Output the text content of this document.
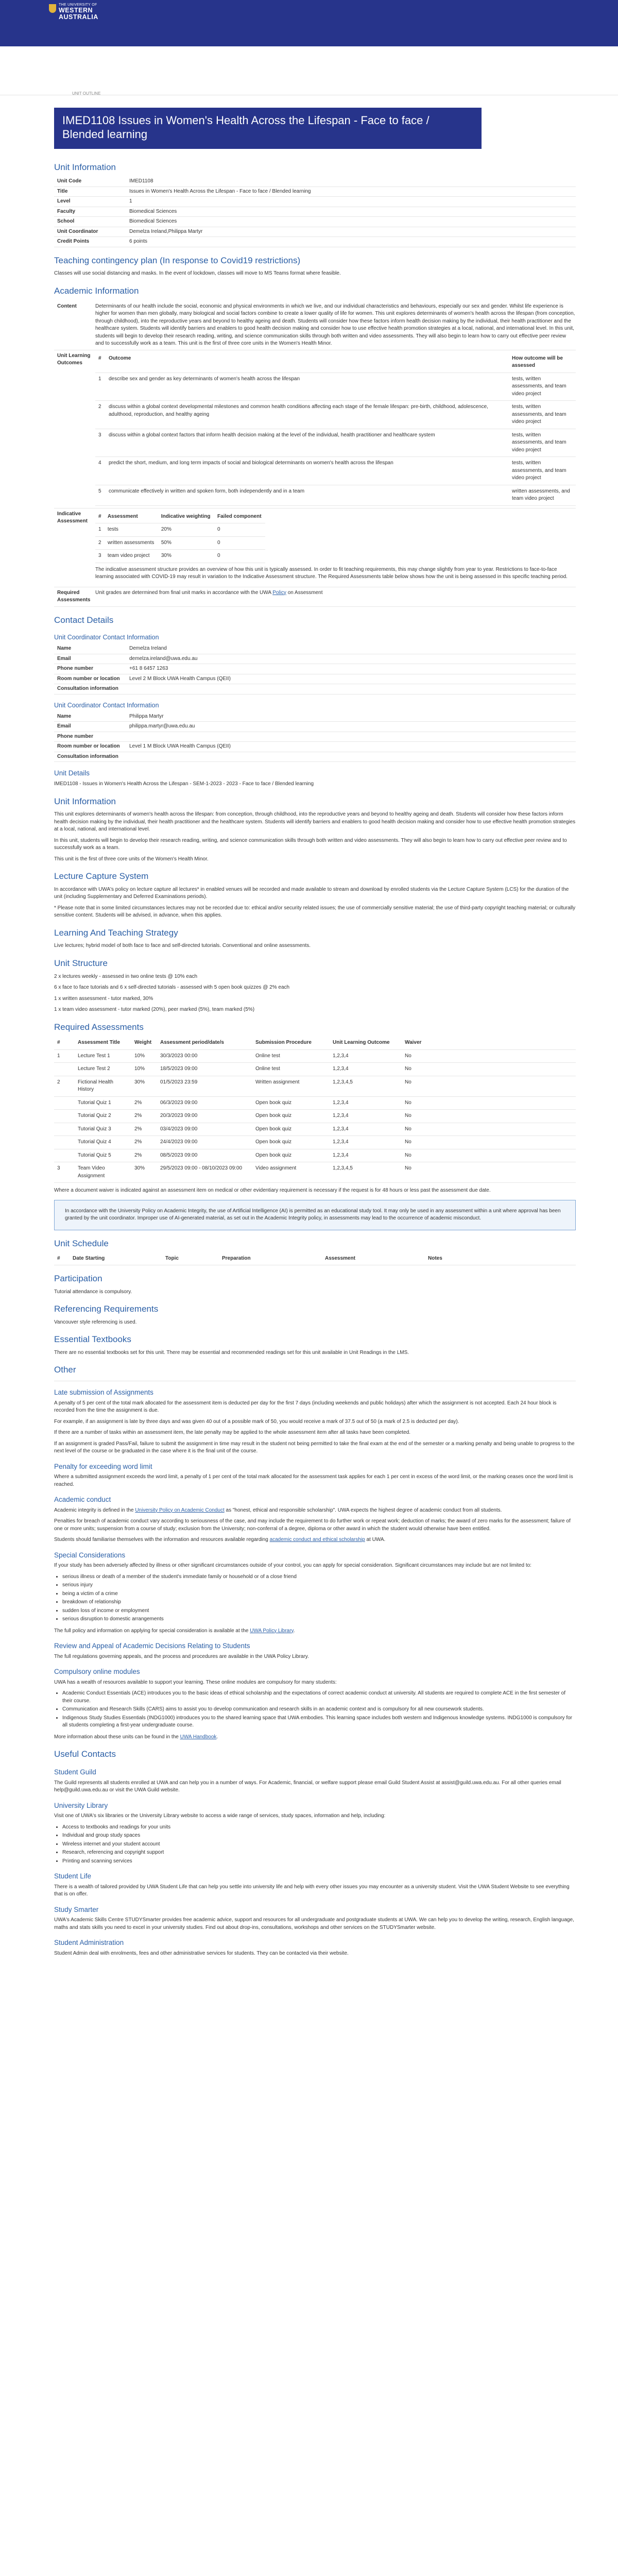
THE UNIVERSITY OF
WESTERN AUSTRALIA
UNIT OUTLINE
IMED1108 Issues in Women's Health Across the Lifespan - Face to face / Blended learning
Unit Information
Unit Code	IMED1108
Title	Issues in Women's Health Across the Lifespan - Face to face / Blended learning
Level	1
Faculty	Biomedical Sciences
School	Biomedical Sciences
Unit Coordinator	Demelza Ireland,Philippa Martyr
Credit Points	6 points
Teaching contingency plan (In response to Covid19 restrictions)

Classes will use social distancing and masks. In the event of lockdown, classes will move to MS Teams format where feasible.

Academic Information
Content	Determinants of our health include the social, economic and physical environments in which we live, and our individual characteristics and behaviours, especially our sex and gender. Whilst life experience is higher for women than men globally, many biological and social factors combine to create a lower quality of life for women. This unit explores determinants of women's health across the lifespan (from conception, through childhood), into the reproductive years and beyond to healthy ageing and death. Students will consider how these factors inform health decision making by the individual, their health practitioner and the healthcare system. Students will identify barriers and enablers to good health decision making and consider how to use effective health promotion strategies at a local, national, and international level. In this unit, students will begin to develop their research reading, writing, and science communication skills through both written and video assessments. They will also begin to learn how to carry out effective peer review and to successfully work as a team. This unit is the first of three core units in the Women's Health Minor.
Unit Learning Outcomes
#	Outcome	How outcome will be assessed
1	describe sex and gender as key determinants of women's health across the lifespan	tests, written assessments, and team video project
2	discuss within a global context developmental milestones and common health conditions affecting each stage of the female lifespan: pre-birth, childhood, adolescence, adulthood, reproduction, and healthy ageing	tests, written assessments, and team video project
3	discuss within a global context factors that inform health decision making at the level of the individual, health practitioner and healthcare system	tests, written assessments, and team video project
4	predict the short, medium, and long term impacts of social and biological determinants on women's health across the lifespan	tests, written assessments, and team video project
5	communicate effectively in written and spoken form, both independently and in a team	written assessments, and team video project
Indicative Assessment
#	Assessment	Indicative weighting	Failed component
1	tests	20%	0
2	written assessments	50%	0
3	team video project	30%	0

The indicative assessment structure provides an overview of how this unit is typically assessed. In order to fit teaching requirements, this may change slightly from year to year. Restrictions to face-to-face learning associated with COVID-19 may result in variation to the Indicative Assessment structure. The Required Assessments table below shows how the unit is being assessed in this specific teaching period.

Required Assessments
Unit grades are determined from final unit marks in accordance with the UWA Policy on Assessment
Contact Details
Unit Coordinator Contact Information
Name	Demelza Ireland
Email	demelza.ireland@uwa.edu.au
Phone number	+61 8 6457 1263
Room number or location	Level 2 M Block UWA Health Campus (QEII)
Consultation information	
Unit Coordinator Contact Information
Name	Philippa Martyr
Email	philippa.martyr@uwa.edu.au
Phone number	
Room number or location	Level 1 M Block UWA Health Campus (QEII)
Consultation information	
Unit Details

IMED1108 - Issues in Women's Health Across the Lifespan - SEM-1-2023 - 2023 - Face to face / Blended learning

Unit Information

This unit explores determinants of women's health across the lifespan: from conception, through childhood, into the reproductive years and beyond to healthy ageing and death. Students will consider how these factors inform health decision making by the individual, their health practitioner and the healthcare system. Students will identify barriers and enablers to good health decision making and consider how to use effective health promotion strategies at a local, national, and international level.

In this unit, students will begin to develop their research reading, writing, and science communication skills through both written and video assessments. They will also begin to learn how to carry out effective peer review and to successfully work as a team.

This unit is the first of three core units of the Women's Health Minor.

Lecture Capture System

In accordance with UWA's policy on lecture capture all lectures* in enabled venues will be recorded and made available to stream and download by enrolled students via the Lecture Capture System (LCS) for the duration of the unit (including Supplementary and Deferred Examinations periods).

* Please note that in some limited circumstances lectures may not be recorded due to: ethical and/or security related issues; the use of commercially sensitive material; the use of third-party copyright teaching material; or culturally sensitive content. Students will be advised, in advance, when this applies.

Learning And Teaching Strategy

Live lectures; hybrid model of both face to face and self-directed tutorials. Conventional and online assessments.

Unit Structure

2 x lectures weekly - assessed in two online tests @ 10% each

6 x face to face tutorials and 6 x self-directed tutorials - assessed with 5 open book quizzes @ 2% each

1 x written assessment - tutor marked, 30%

1 x team video assessment - tutor marked (20%), peer marked (5%), team marked (5%)

Required Assessments
#	Assessment Title	Weight	Assessment period/date/s	Submission Procedure	Unit Learning Outcome	Waiver
1	Lecture Test 1	10%	30/3/2023 00:00	Online test	1,2,3,4	No
	Lecture Test 2	10%	18/5/2023 09:00	Online test	1,2,3,4	No
2	Fictional Health History	30%	01/5/2023 23:59	Written assignment	1,2,3,4,5	No
	Tutorial Quiz 1	2%	06/3/2023 09:00	Open book quiz	1,2,3,4	No
	Tutorial Quiz 2	2%	20/3/2023 09:00	Open book quiz	1,2,3,4	No
	Tutorial Quiz 3	2%	03/4/2023 09:00	Open book quiz	1,2,3,4	No
	Tutorial Quiz 4	2%	24/4/2023 09:00	Open book quiz	1,2,3,4	No
	Tutorial Quiz 5	2%	08/5/2023 09:00	Open book quiz	1,2,3,4	No
3	Team Video Assignment	30%	29/5/2023 09:00 - 08/10/2023 09:00	Video assignment	1,2,3,4,5	No

Where a document waiver is indicated against an assessment item on medical or other evidentiary requirement is necessary if the request is for 48 hours or less past the assessment due date.

In accordance with the University Policy on Academic Integrity, the use of Artificial Intelligence (AI) is permitted as an educational study tool. It may only be used in any assessment within a unit where approval has been granted by the unit coordinator. Improper use of AI-generated material, as set out in the Academic Integrity policy, in assessments may lead to the occurrence of academic misconduct.
Unit Schedule
#	Date Starting	Topic	Preparation	Assessment	Notes
Participation

Tutorial attendance is compulsory.

Referencing Requirements

Vancouver style referencing is used.

Essential Textbooks

There are no essential textbooks set for this unit. There may be essential and recommended readings set for this unit available in Unit Readings in the LMS.

Other
Late submission of Assignments

A penalty of 5 per cent of the total mark allocated for the assessment item is deducted per day for the first 7 days (including weekends and public holidays) after which the assignment is not accepted. Each 24 hour block is recorded from the time the assignment is due.

For example, if an assignment is late by three days and was given 40 out of a possible mark of 50, you would receive a mark of 37.5 out of 50 (a mark of 2.5 is deducted per day).

If there are a number of tasks within an assessment item, the late penalty may be applied to the whole assessment item after all tasks have been completed.

If an assignment is graded Pass/Fail, failure to submit the assignment in time may result in the student not being permitted to take the final exam at the end of the semester or a marking penalty and being unable to progress to the next level of the course or be graduated in the case where it is the final unit of the course.

Penalty for exceeding word limit

Where a submitted assignment exceeds the word limit, a penalty of 1 per cent of the total mark allocated for the assessment task applies for each 1 per cent in excess of the word limit, or the marking ceases once the word limit is reached.

Academic conduct

Academic integrity is defined in the University Policy on Academic Conduct as "honest, ethical and responsible scholarship". UWA expects the highest degree of academic conduct from all students.

Penalties for breach of academic conduct vary according to seriousness of the case, and may include the requirement to do further work or repeat work; deduction of marks; the award of zero marks for the assessment; failure of one or more units; suspension from a course of study; exclusion from the University; non-conferral of a degree, diploma or other award in which the student would otherwise have been entitled.

Students should familiarise themselves with the information and resources available regarding academic conduct and ethical scholarship at UWA.

Special Considerations

If your study has been adversely affected by illness or other significant circumstances outside of your control, you can apply for special consideration. Significant circumstances may include but are not limited to:

• serious illness or death of a member of the student's immediate family or household or of a close friend
• serious injury
• being a victim of a crime
• breakdown of relationship
• sudden loss of income or employment
• serious disruption to domestic arrangements

The full policy and information on applying for special consideration is available at the UWA Policy Library.

Review and Appeal of Academic Decisions Relating to Students

The full regulations governing appeals, and the process and procedures are available in the UWA Policy Library.

Compulsory online modules

UWA has a wealth of resources available to support your learning. These online modules are compulsory for many students:

• Academic Conduct Essentials (ACE) introduces you to the basic ideas of ethical scholarship and the expectations of correct academic conduct at university. All students are required to complete ACE in the first semester of their course.
• Communication and Research Skills (CARS) aims to assist you to develop communication and research skills in an academic context and is compulsory for all new coursework students.
• Indigenous Study Studies Essentials (INDG1000) introduces you to the shared learning space that UWA embodies. This learning space includes both western and Indigenous knowledge systems. INDG1000 is compulsory for all students completing a first-year undergraduate course.

More information about these units can be found in the UWA Handbook.

Useful Contacts
Student Guild

The Guild represents all students enrolled at UWA and can help you in a number of ways. For Academic, financial, or welfare support please email Guild Student Assist at assist@guild.uwa.edu.au. For all other queries email help@guild.uwa.edu.au or visit the UWA Guild website.

University Library

Visit one of UWA's six libraries or the University Library website to access a wide range of services, study spaces, information and help, including:

• Access to textbooks and readings for your units
• Individual and group study spaces
• Wireless internet and your student account
• Research, referencing and copyright support
• Printing and scanning services
Student Life

There is a wealth of tailored provided by UWA Student Life that can help you settle into university life and help with every other issues you may encounter as a university student. Visit the UWA Student Website to see everything that is on offer.

Study Smarter

UWA's Academic Skills Centre STUDYSmarter provides free academic advice, support and resources for all undergraduate and postgraduate students at UWA. We can help you to develop the writing, research, English language, maths and stats skills you need to excel in your university studies. Find out about drop-ins, consultations, workshops and other services on the STUDYSmarter website.

Student Administration

Student Admin deal with enrolments, fees and other administrative services for students. They can be contacted via their website.
